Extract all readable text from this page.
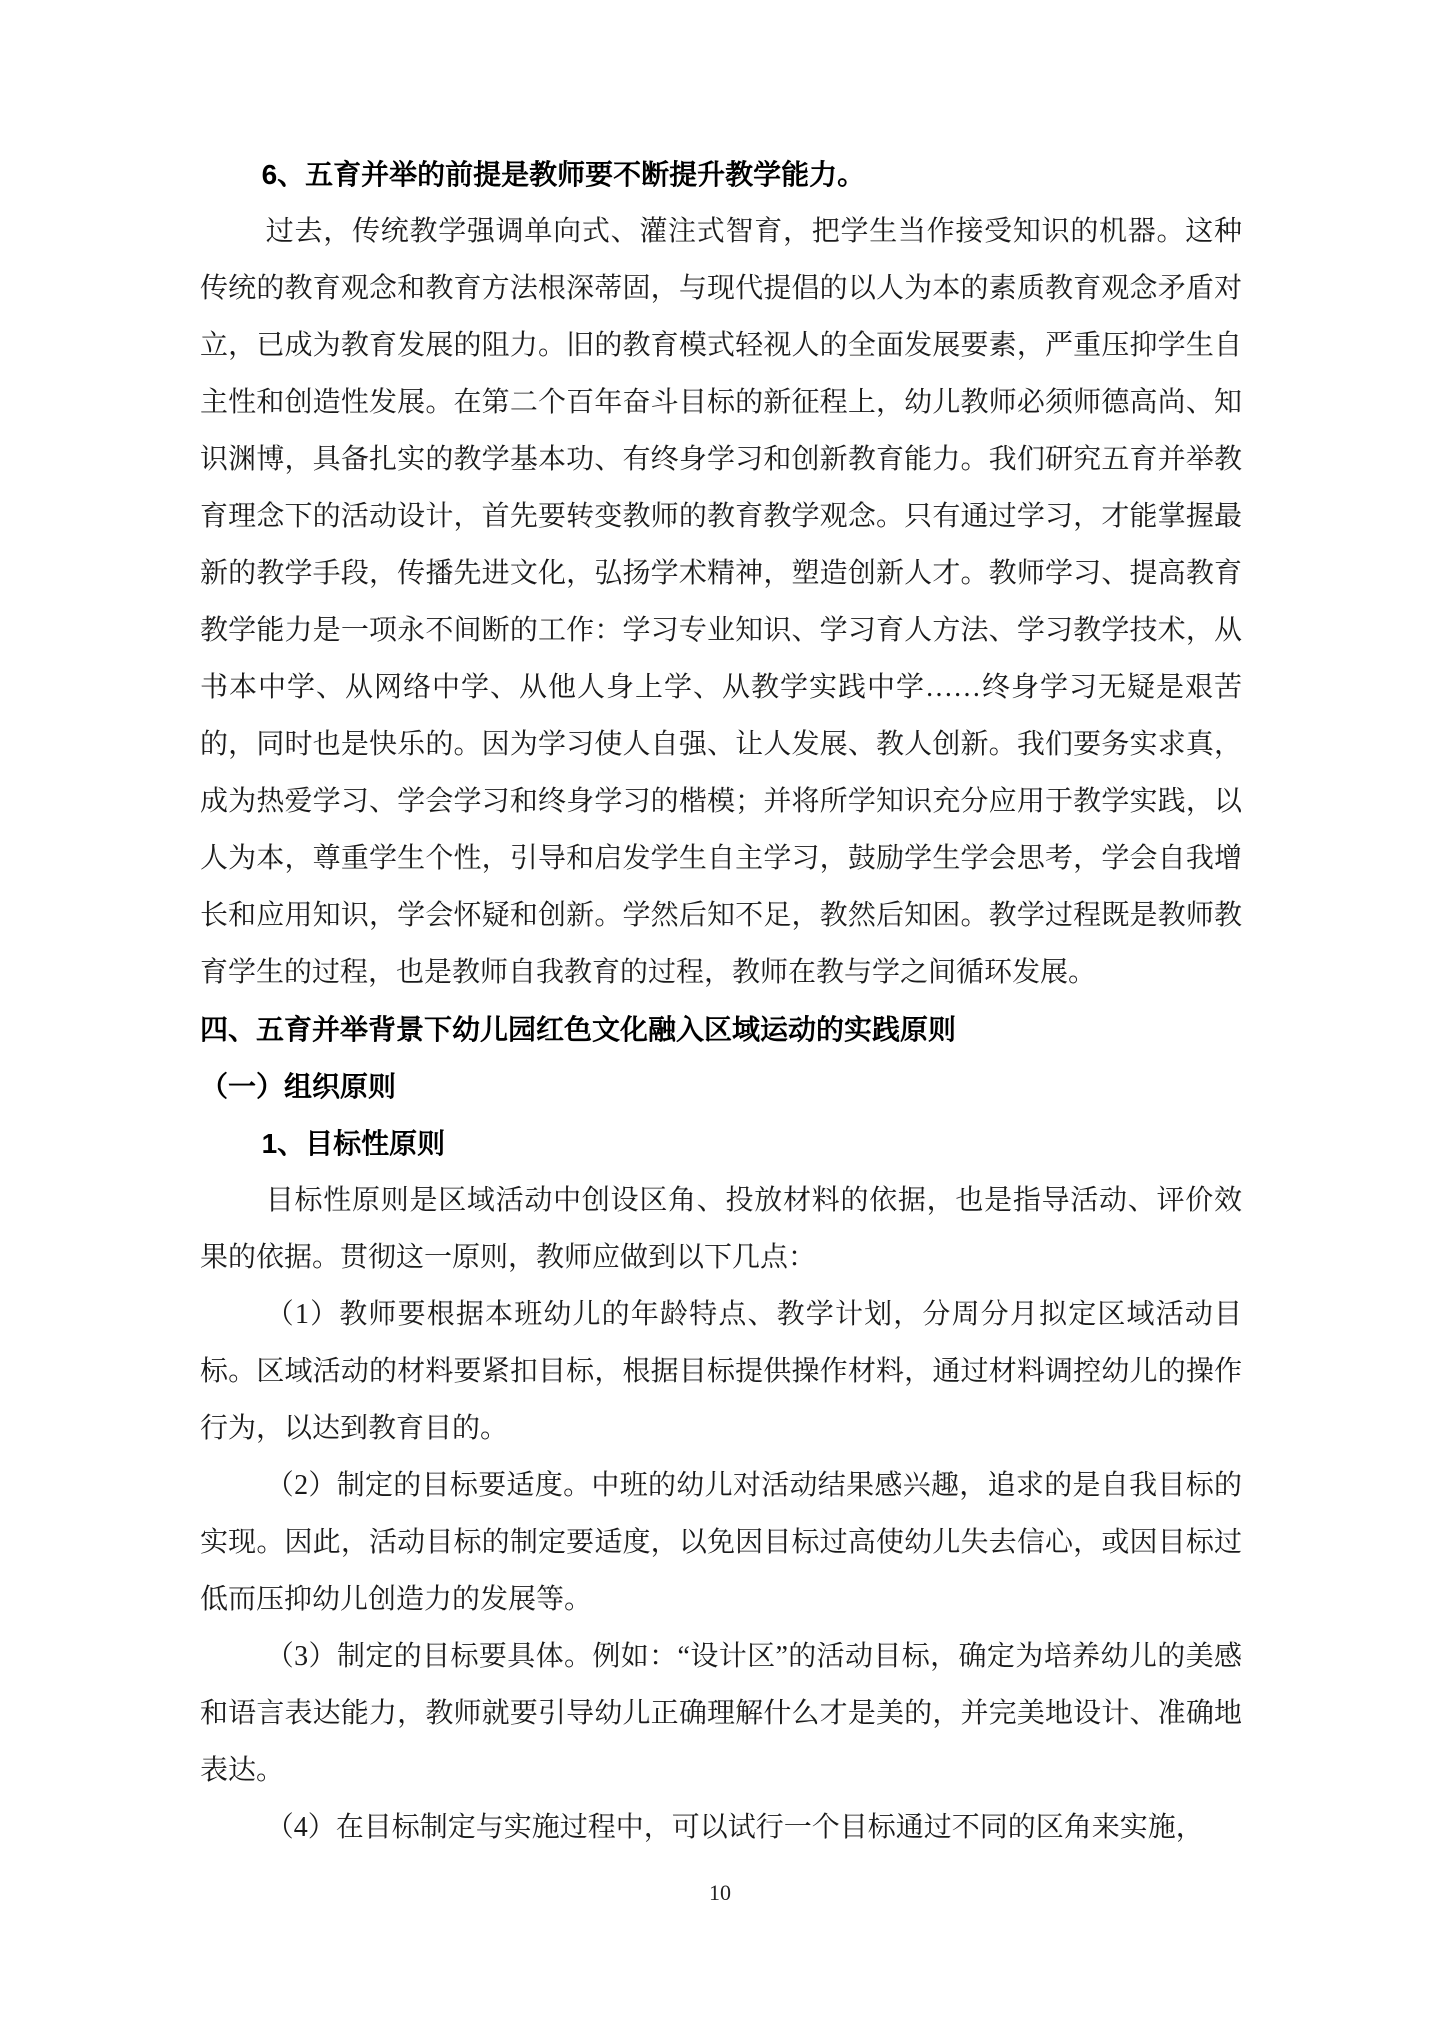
6、五育并举的前提是教师要不断提升教学能力。
过去，传统教学强调单向式、灌注式智育，把学生当作接受知识的机器。这种传统的教育观念和教育方法根深蒂固，与现代提倡的以人为本的素质教育观念矛盾对立，已成为教育发展的阻力。旧的教育模式轻视人的全面发展要素，严重压抑学生自主性和创造性发展。在第二个百年奋斗目标的新征程上，幼儿教师必须师德高尚、知识渊博，具备扎实的教学基本功、有终身学习和创新教育能力。我们研究五育并举教育理念下的活动设计，首先要转变教师的教育教学观念。只有通过学习，才能掌握最新的教学手段，传播先进文化，弘扬学术精神，塑造创新人才。教师学习、提高教育教学能力是一项永不间断的工作：学习专业知识、学习育人方法、学习教学技术，从书本中学、从网络中学、从他人身上学、从教学实践中学……终身学习无疑是艰苦的，同时也是快乐的。因为学习使人自强、让人发展、教人创新。我们要务实求真，成为热爱学习、学会学习和终身学习的楷模；并将所学知识充分应用于教学实践，以人为本，尊重学生个性，引导和启发学生自主学习，鼓励学生学会思考，学会自我增长和应用知识，学会怀疑和创新。学然后知不足，教然后知困。教学过程既是教师教育学生的过程，也是教师自我教育的过程，教师在教与学之间循环发展。
四、五育并举背景下幼儿园红色文化融入区域运动的实践原则
（一）组织原则
1、目标性原则
目标性原则是区域活动中创设区角、投放材料的依据，也是指导活动、评价效果的依据。贯彻这一原则，教师应做到以下几点：
（1）教师要根据本班幼儿的年龄特点、教学计划，分周分月拟定区域活动目标。区域活动的材料要紧扣目标，根据目标提供操作材料，通过材料调控幼儿的操作行为，以达到教育目的。
（2）制定的目标要适度。中班的幼儿对活动结果感兴趣，追求的是自我目标的实现。因此，活动目标的制定要适度，以免因目标过高使幼儿失去信心，或因目标过低而压抑幼儿创造力的发展等。
（3）制定的目标要具体。例如：“设计区”的活动目标，确定为培养幼儿的美感和语言表达能力，教师就要引导幼儿正确理解什么才是美的，并完美地设计、准确地表达。
（4）在目标制定与实施过程中，可以试行一个目标通过不同的区角来实施，
10
